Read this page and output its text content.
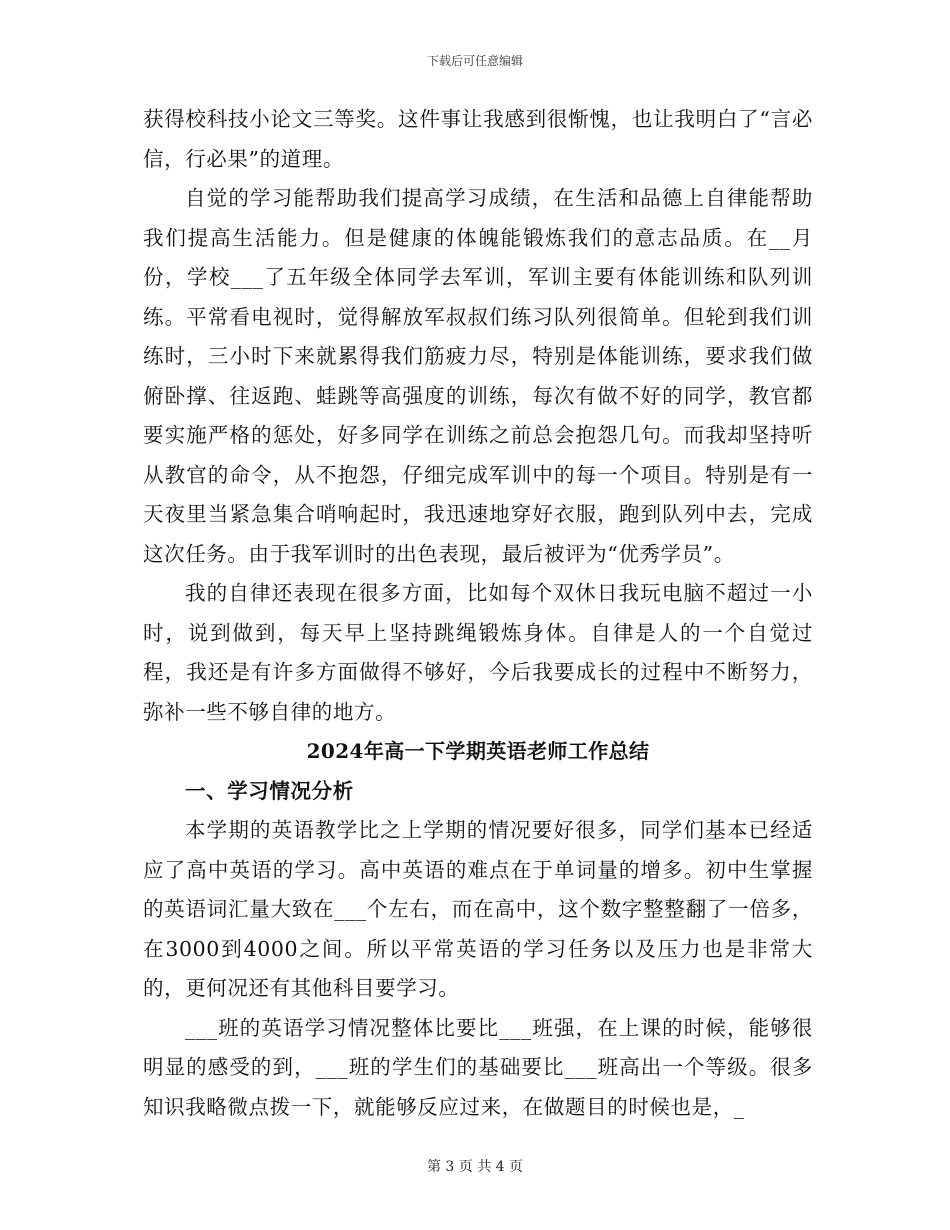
下载后可任意编辑

获得校科技小论文三等奖。这件事让我感到很惭愧，也让我明白了“言必信，行必果”的道理。

自觉的学习能帮助我们提高学习成绩，在生活和品德上自律能帮助我们提高生活能力。但是健康的体魄能锻炼我们的意志品质。在__月份，学校___了五年级全体同学去军训，军训主要有体能训练和队列训练。平常看电视时，觉得解放军叔叔们练习队列很简单。但轮到我们训练时，三小时下来就累得我们筋疲力尽，特别是体能训练，要求我们做俯卧撑、往返跑、蛙跳等高强度的训练，每次有做不好的同学，教官都要实施严格的惩处，好多同学在训练之前总会抱怨几句。而我却坚持听从教官的命令，从不抱怨，仔细完成军训中的每一个项目。特别是有一天夜里当紧急集合哨响起时，我迅速地穿好衣服，跑到队列中去，完成这次任务。由于我军训时的出色表现，最后被评为“优秀学员”。

我的自律还表现在很多方面，比如每个双休日我玩电脑不超过一小时，说到做到，每天早上坚持跳绳锻炼身体。自律是人的一个自觉过程，我还是有许多方面做得不够好，今后我要成长的过程中不断努力，弥补一些不够自律的地方。

2024年高一下学期英语老师工作总结

一、学习情况分析

本学期的英语教学比之上学期的情况要好很多，同学们基本已经适应了高中英语的学习。高中英语的难点在于单词量的增多。初中生掌握的英语词汇量大致在___个左右，而在高中，这个数字整整翻了一倍多，在3000到4000之间。所以平常英语的学习任务以及压力也是非常大的，更何况还有其他科目要学习。

___班的英语学习情况整体比要比___班强，在上课的时候，能够很明显的感受的到，___班的学生们的基础要比___班高出一个等级。很多知识我略微点拨一下，就能够反应过来，在做题目的时候也是，_

第 3 页 共 4 页
